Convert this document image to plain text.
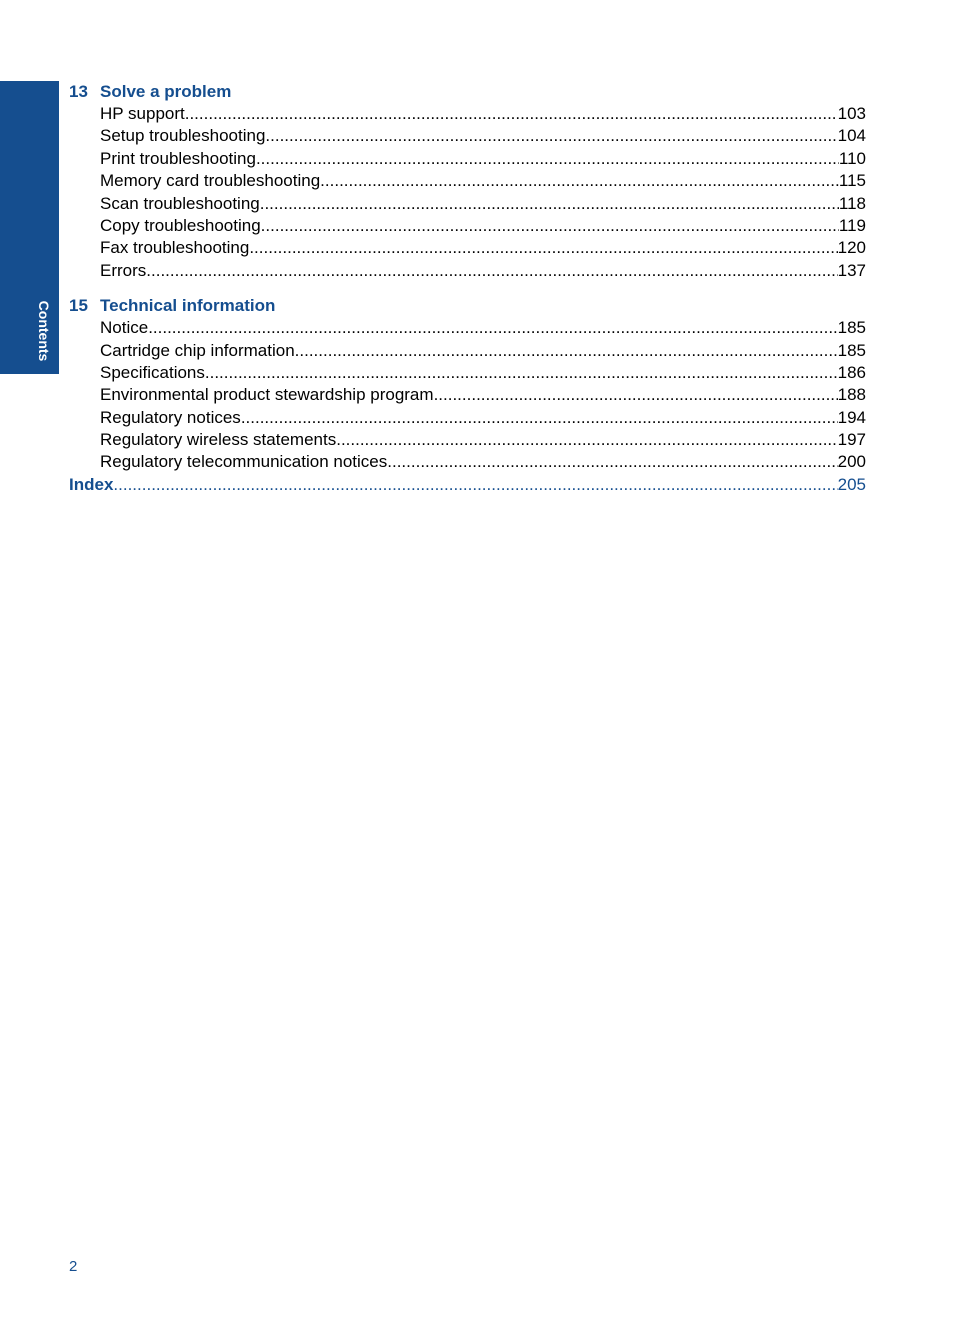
Contents
13 Solve a problem
HP support .....	103
Setup troubleshooting .....	104
Print troubleshooting .....	110
Memory card troubleshooting .....	115
Scan troubleshooting .....	118
Copy troubleshooting .....	119
Fax troubleshooting .....	120
Errors .....	137
15 Technical information
Notice .....	185
Cartridge chip information .....	185
Specifications .....	186
Environmental product stewardship program .....	188
Regulatory notices .....	194
Regulatory wireless statements .....	197
Regulatory telecommunication notices .....	200
Index .....	205
2
